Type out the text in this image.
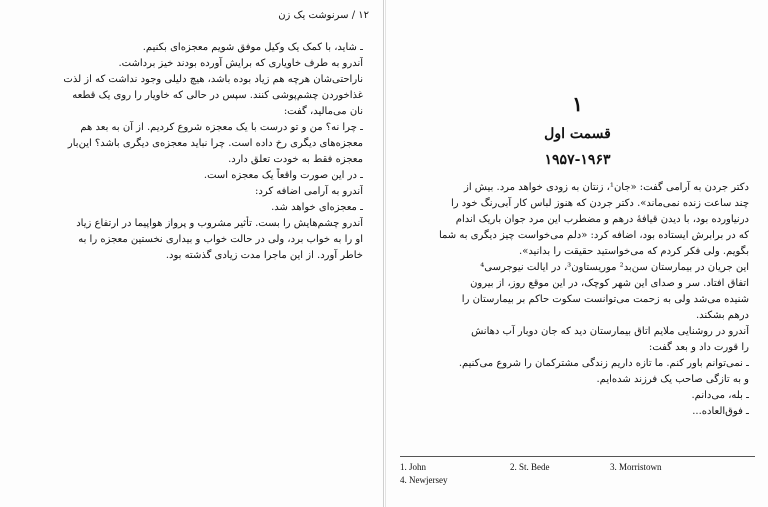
۱۲ / سرنوشت یک زن

ـ شاید، با کمک یک وکیل موفق شویم معجزه‌ای بکنیم.

آندرو به طرف خاویاری که برایش آورده بودند خیز برداشت.

ناراحتی‌شان هرچه هم زیاد بوده باشد، هیچ دلیلی وجود نداشت که از لذت

غذاخوردن چشم‌پوشی کنند. سپس در حالی که خاویار را روی یک قطعه

نان می‌مالید، گفت:

ـ چرا نه؟ من و تو درست با یک معجزه شروع کردیم. از آن به بعد هم

معجزه‌های دیگری رخ داده است. چرا نباید معجزه‌ی دیگری باشد؟ این‌بار

معجزه فقط به خودت تعلق دارد.

ـ در این صورت واقعاً یک معجزه است.

آندرو به آرامی اضافه کرد:

ـ معجزه‌ای خواهد شد.

آندرو چشم‌هایش را بست. تأثیر مشروب و پرواز هواپیما در ارتفاع زیاد

او را به خواب برد، ولی در حالت خواب و بیداری نخستین معجزه را به

خاطر آورد. از این ماجرا مدت زیادی گذشته بود.

۱
قسمت اول
۱۹۵۷-۱۹۶۳

دکتر جردن به آرامی گفت: «جان¹، زنتان به زودی خواهد مرد. بیش از

چند ساعت زنده نمی‌ماند». دکتر جردن که هنوز لباس کار آبی‌رنگ خود را

درنیاورده بود، با دیدن قیافهٔ درهم و مضطرب این مرد جوان باریک اندام

که در برابرش ایستاده بود، اضافه کرد: «دلم می‌خواست چیز دیگری به شما

بگویم. ولی فکر کردم که می‌خواستید حقیقت را بدانید».

این جریان در بیمارستان سن‌بد² موریستاون³، در ایالت نیوجرسی⁴

اتفاق افتاد. سر و صدای این شهر کوچک، در این موقع روز، از بیرون

شنیده می‌شد ولی به زحمت می‌توانست سکوت حاکم بر بیمارستان را

درهم بشکند.

آندرو در روشنایی ملایم اتاق بیمارستان دید که جان دوبار آب دهانش

را قورت داد و بعد گفت:

ـ نمی‌توانم باور کنم. ما تازه داریم زندگی مشترکمان را شروع می‌کنیم.

و به تازگی صاحب یک فرزند شده‌ایم.

ـ بله، می‌دانم.

ـ فوق‌العاده...

1. John	2. St. Bede	3. Morristown
4. Newjersey
